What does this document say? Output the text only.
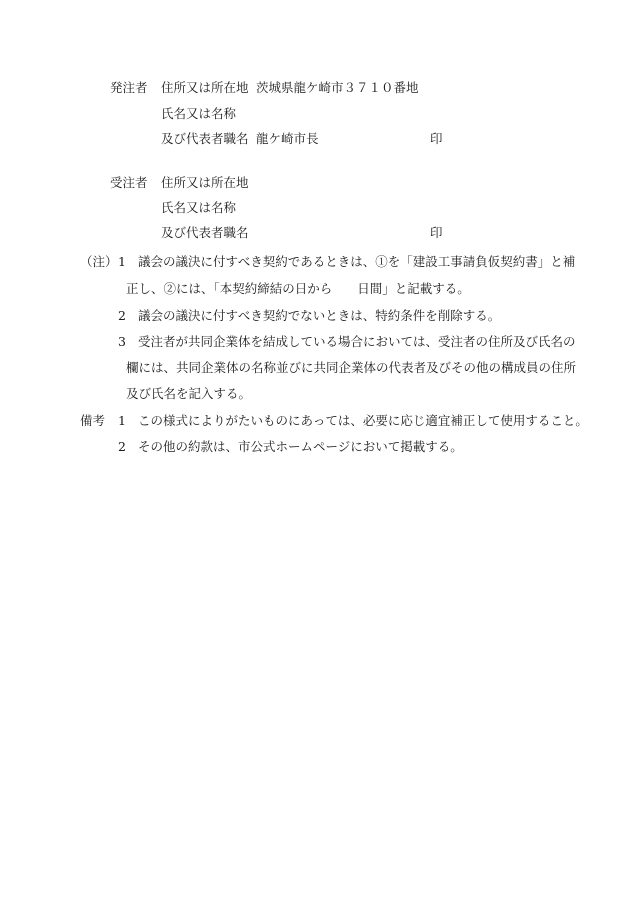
発注者 住所又は所在地 茨城県龍ケ崎市３７１０番地
氏名又は名称
及び代表者職名 龍ケ崎市長	印
受注者 住所又は所在地
氏名又は名称
及び代表者職名	印
（注） 1 議会の議決に付すべき契約であるときは、①を「建設工事請負仮契約書」と補
正し、②には、「本契約締結の日から　　日間」と記載する。
2 議会の議決に付すべき契約でないときは、特約条件を削除する。
3 受注者が共同企業体を結成している場合においては、受注者の住所及び氏名の
欄には、共同企業体の名称並びに共同企業体の代表者及びその他の構成員の住所
及び氏名を記入する。
備考 1 この様式によりがたいものにあっては、必要に応じ適宜補正して使用すること。
2 その他の約款は、市公式ホームページにおいて掲載する。
